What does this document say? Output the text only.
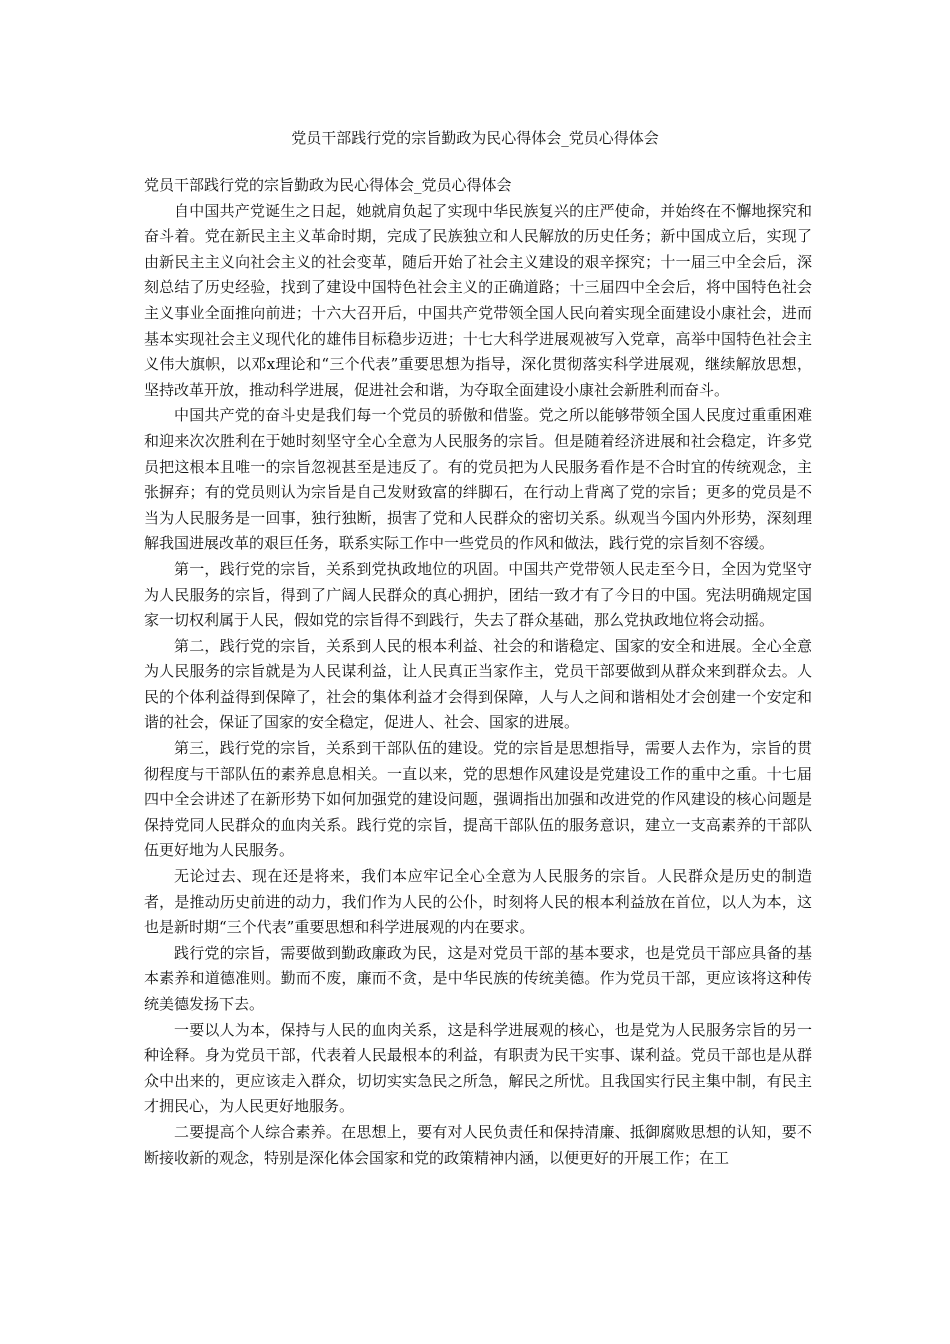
党员干部践行党的宗旨勤政为民心得体会_党员心得体会

党员干部践行党的宗旨勤政为民心得体会_党员心得体会

自中国共产党诞生之日起，她就肩负起了实现中华民族复兴的庄严使命，并始终在不懈地探究和奋斗着。党在新民主主义革命时期，完成了民族独立和人民解放的历史任务；新中国成立后，实现了由新民主主义向社会主义的社会变革，随后开始了社会主义建设的艰辛探究；十一届三中全会后，深刻总结了历史经验，找到了建设中国特色社会主义的正确道路；十三届四中全会后，将中国特色社会主义事业全面推向前进；十六大召开后，中国共产党带领全国人民向着实现全面建设小康社会，进而基本实现社会主义现代化的雄伟目标稳步迈进；十七大科学进展观被写入党章，高举中国特色社会主义伟大旗帜，以邓x理论和“三个代表”重要思想为指导，深化贯彻落实科学进展观，继续解放思想，坚持改革开放，推动科学进展，促进社会和谐，为夺取全面建设小康社会新胜利而奋斗。

中国共产党的奋斗史是我们每一个党员的骄傲和借鉴。党之所以能够带领全国人民度过重重困难和迎来次次胜利在于她时刻坚守全心全意为人民服务的宗旨。但是随着经济进展和社会稳定，许多党员把这根本且唯一的宗旨忽视甚至是违反了。有的党员把为人民服务看作是不合时宜的传统观念，主张摒弃；有的党员则认为宗旨是自己发财致富的绊脚石，在行动上背离了党的宗旨；更多的党员是不当为人民服务是一回事，独行独断，损害了党和人民群众的密切关系。纵观当今国内外形势，深刻理解我国进展改革的艰巨任务，联系实际工作中一些党员的作风和做法，践行党的宗旨刻不容缓。

第一，践行党的宗旨，关系到党执政地位的巩固。中国共产党带领人民走至今日，全因为党坚守为人民服务的宗旨，得到了广阔人民群众的真心拥护，团结一致才有了今日的中国。宪法明确规定国家一切权利属于人民，假如党的宗旨得不到践行，失去了群众基础，那么党执政地位将会动摇。

第二，践行党的宗旨，关系到人民的根本利益、社会的和谐稳定、国家的安全和进展。全心全意为人民服务的宗旨就是为人民谋利益，让人民真正当家作主，党员干部要做到从群众来到群众去。人民的个体利益得到保障了，社会的集体利益才会得到保障，人与人之间和谐相处才会创建一个安定和谐的社会，保证了国家的安全稳定，促进人、社会、国家的进展。

第三，践行党的宗旨，关系到干部队伍的建设。党的宗旨是思想指导，需要人去作为，宗旨的贯彻程度与干部队伍的素养息息相关。一直以来，党的思想作风建设是党建设工作的重中之重。十七届四中全会讲述了在新形势下如何加强党的建设问题，强调指出加强和改进党的作风建设的核心问题是保持党同人民群众的血肉关系。践行党的宗旨，提高干部队伍的服务意识，建立一支高素养的干部队伍更好地为人民服务。

无论过去、现在还是将来，我们本应牢记全心全意为人民服务的宗旨。人民群众是历史的制造者，是推动历史前进的动力，我们作为人民的公仆，时刻将人民的根本利益放在首位，以人为本，这也是新时期“三个代表”重要思想和科学进展观的内在要求。

践行党的宗旨，需要做到勤政廉政为民，这是对党员干部的基本要求，也是党员干部应具备的基本素养和道德准则。勤而不废，廉而不贪，是中华民族的传统美德。作为党员干部，更应该将这种传统美德发扬下去。

一要以人为本，保持与人民的血肉关系，这是科学进展观的核心，也是党为人民服务宗旨的另一种诠释。身为党员干部，代表着人民最根本的利益，有职责为民干实事、谋利益。党员干部也是从群众中出来的，更应该走入群众，切切实实急民之所急，解民之所忧。且我国实行民主集中制，有民主才拥民心，为人民更好地服务。

二要提高个人综合素养。在思想上，要有对人民负责任和保持清廉、抵御腐败思想的认知，要不断接收新的观念，特别是深化体会国家和党的政策精神内涵，以便更好的开展工作；在工
